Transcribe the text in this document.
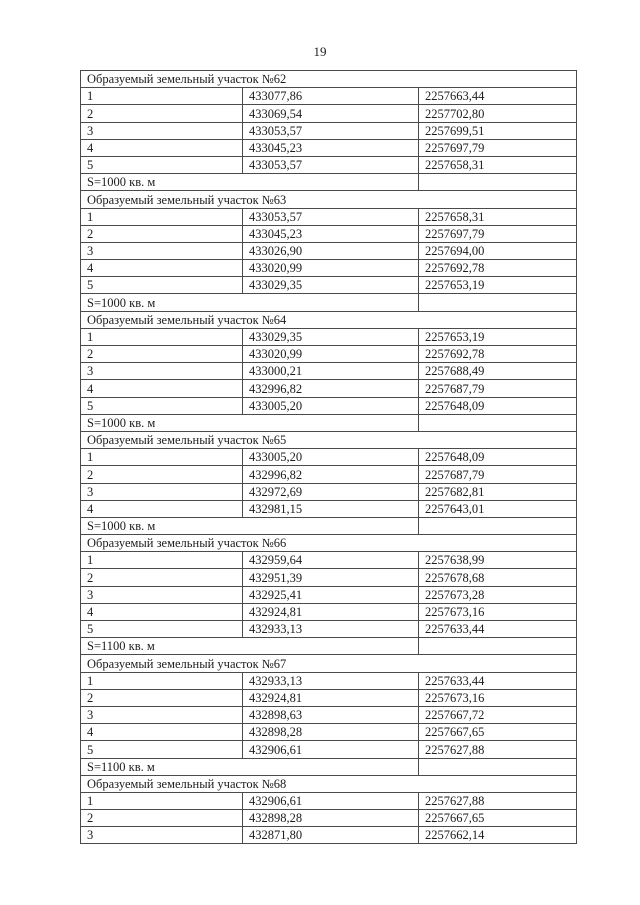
19
Образуемый земельный участок №62		
1	433077,86	2257663,44
2	433069,54	2257702,80
3	433053,57	2257699,51
4	433045,23	2257697,79
5	433053,57	2257658,31
S=1000 кв. м		
Образуемый земельный участок №63		
1	433053,57	2257658,31
2	433045,23	2257697,79
3	433026,90	2257694,00
4	433020,99	2257692,78
5	433029,35	2257653,19
S=1000 кв. м		
Образуемый земельный участок №64		
1	433029,35	2257653,19
2	433020,99	2257692,78
3	433000,21	2257688,49
4	432996,82	2257687,79
5	433005,20	2257648,09
S=1000 кв. м		
Образуемый земельный участок №65		
1	433005,20	2257648,09
2	432996,82	2257687,79
3	432972,69	2257682,81
4	432981,15	2257643,01
S=1000 кв. м		
Образуемый земельный участок №66		
1	432959,64	2257638,99
2	432951,39	2257678,68
3	432925,41	2257673,28
4	432924,81	2257673,16
5	432933,13	2257633,44
S=1100 кв. м		
Образуемый земельный участок №67		
1	432933,13	2257633,44
2	432924,81	2257673,16
3	432898,63	2257667,72
4	432898,28	2257667,65
5	432906,61	2257627,88
S=1100 кв. м		
Образуемый земельный участок №68		
1	432906,61	2257627,88
2	432898,28	2257667,65
3	432871,80	2257662,14
